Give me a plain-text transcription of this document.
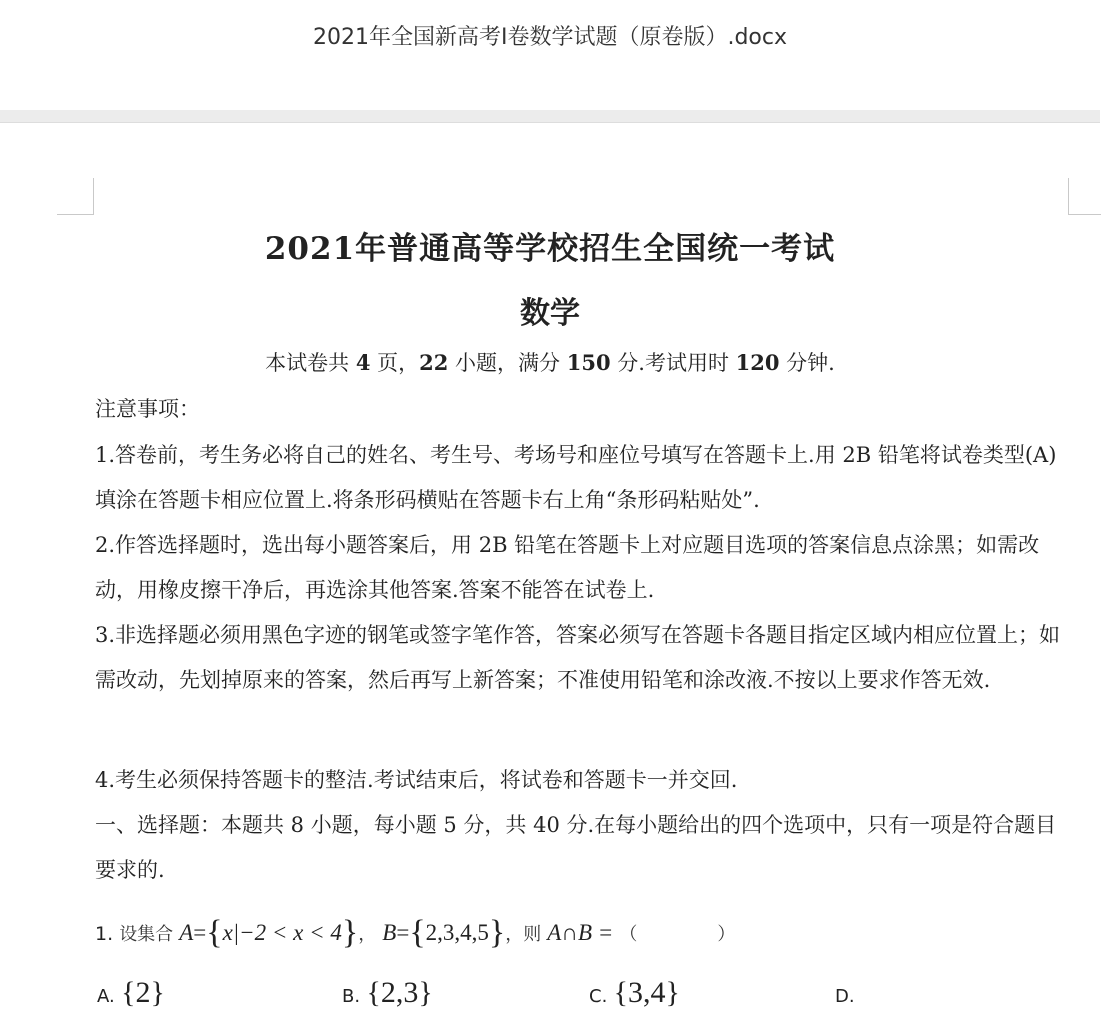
2021年全国新高考Ⅰ卷数学试题（原卷版）.docx
2021年普通高等学校招生全国统一考试
数学
本试卷共 4 页，22 小题，满分 150 分.考试用时 120 分钟.
注意事项：
1.答卷前，考生务必将自己的姓名、考生号、考场号和座位号填写在答题卡上.用 2B 铅笔将试卷类型(A)填涂在答题卡相应位置上.将条形码横贴在答题卡右上角“条形码粘贴处”.
2.作答选择题时，选出每小题答案后，用 2B 铅笔在答题卡上对应题目选项的答案信息点涂黑；如需改动，用橡皮擦干净后，再选涂其他答案.答案不能答在试卷上.
3.非选择题必须用黑色字迹的钢笔或签字笔作答，答案必须写在答题卡各题目指定区域内相应位置上；如需改动，先划掉原来的答案，然后再写上新答案；不准使用铅笔和涂改液.不按以上要求作答无效.
4.考生必须保持答题卡的整洁.考试结束后，将试卷和答题卡一并交回.
一、选择题：本题共 8 小题，每小题 5 分，共 40 分.在每小题给出的四个选项中，只有一项是符合题目要求的.
1. 设集合 A={x|−2 < x < 4}， B={2,3,4,5}，则 A∩B = （	）
A. {2}	B. {2,3}	C. {3,4}	D.
